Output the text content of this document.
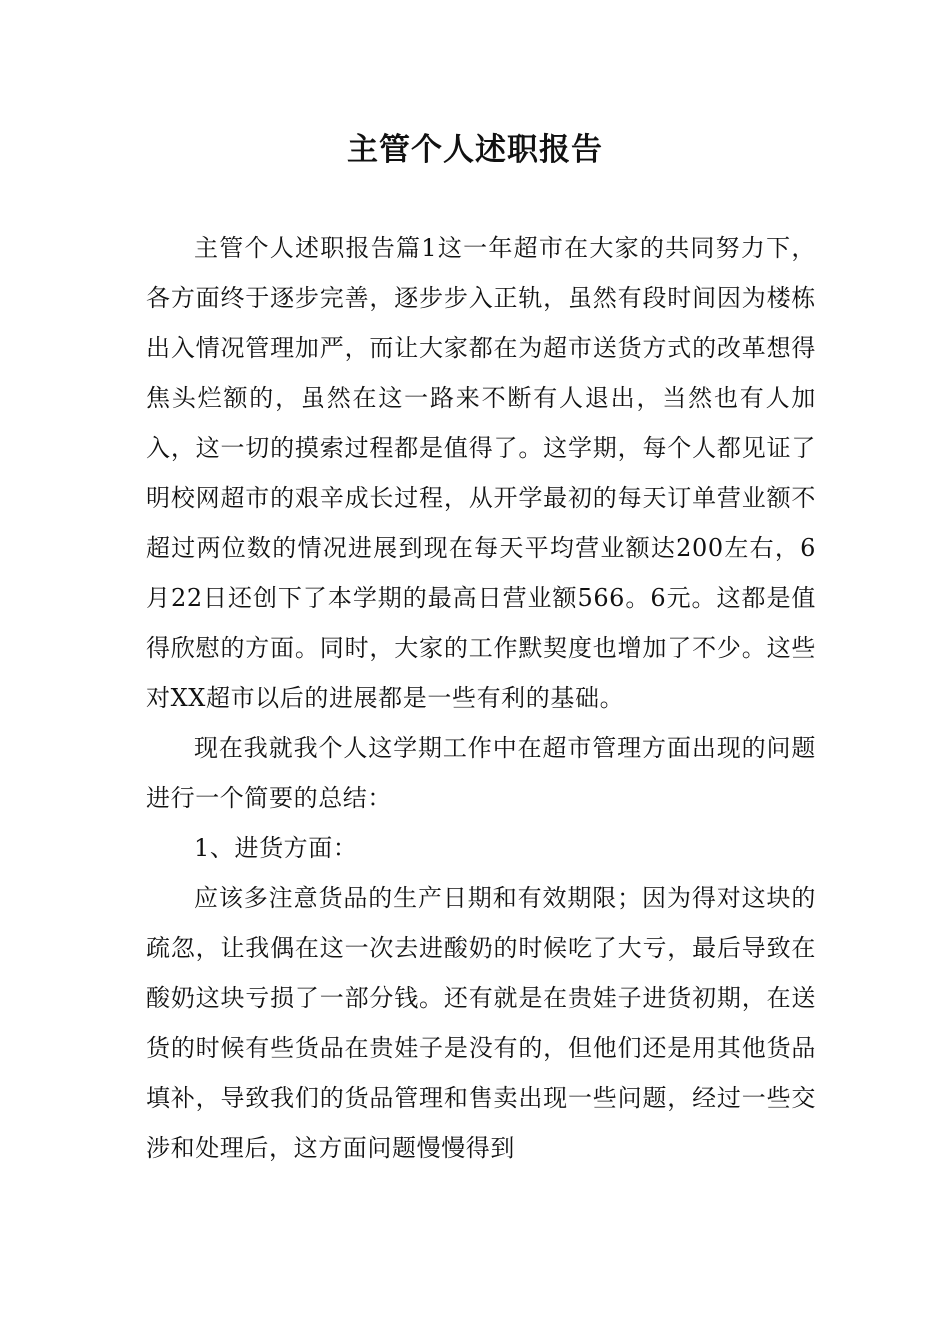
主管个人述职报告

主管个人述职报告篇1这一年超市在大家的共同努力下，各方面终于逐步完善，逐步步入正轨，虽然有段时间因为楼栋出入情况管理加严，而让大家都在为超市送货方式的改革想得焦头烂额的，虽然在这一路来不断有人退出，当然也有人加入，这一切的摸索过程都是值得了。这学期，每个人都见证了明校网超市的艰辛成长过程，从开学最初的每天订单营业额不超过两位数的情况进展到现在每天平均营业额达200左右，6月22日还创下了本学期的最高日营业额566。6元。这都是值得欣慰的方面。同时，大家的工作默契度也增加了不少。这些对XX超市以后的进展都是一些有利的基础。

现在我就我个人这学期工作中在超市管理方面出现的问题进行一个简要的总结：

1、进货方面：

应该多注意货品的生产日期和有效期限；因为得对这块的疏忽，让我偶在这一次去进酸奶的时候吃了大亏，最后导致在酸奶这块亏损了一部分钱。还有就是在贵娃子进货初期，在送货的时候有些货品在贵娃子是没有的，但他们还是用其他货品填补，导致我们的货品管理和售卖出现一些问题，经过一些交涉和处理后，这方面问题慢慢得到
